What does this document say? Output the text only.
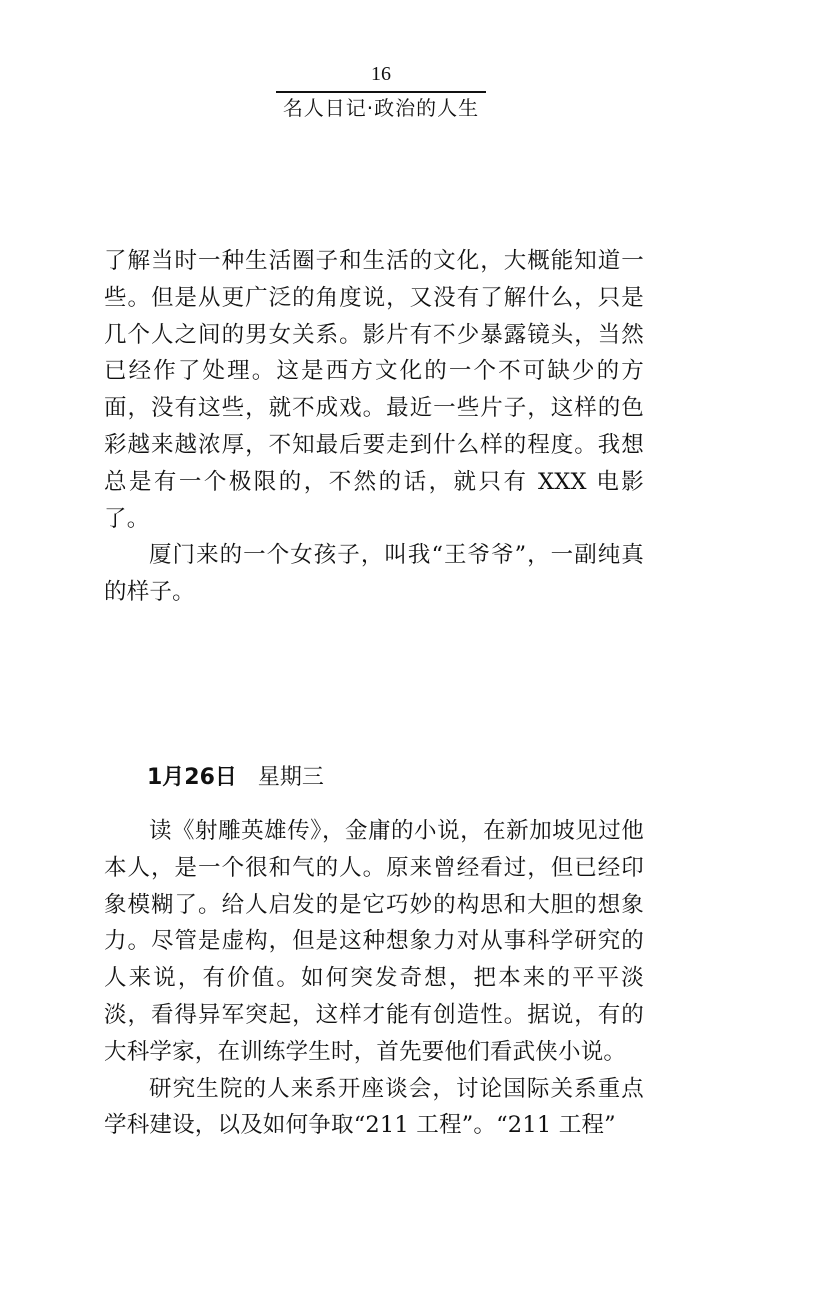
16
名人日记·政治的人生

了解当时一种生活圈子和生活的文化，大概能知道一些。但是从更广泛的角度说，又没有了解什么，只是几个人之间的男女关系。影片有不少暴露镜头，当然已经作了处理。这是西方文化的一个不可缺少的方面，没有这些，就不成戏。最近一些片子，这样的色彩越来越浓厚，不知最后要走到什么样的程度。我想总是有一个极限的，不然的话，就只有 XXX 电影了。

厦门来的一个女孩子，叫我“王爷爷”，一副纯真的样子。

1月26日 星期三

读《射雕英雄传》，金庸的小说，在新加坡见过他本人，是一个很和气的人。原来曾经看过，但已经印象模糊了。给人启发的是它巧妙的构思和大胆的想象力。尽管是虚构，但是这种想象力对从事科学研究的人来说，有价值。如何突发奇想，把本来的平平淡淡，看得异军突起，这样才能有创造性。据说，有的大科学家，在训练学生时，首先要他们看武侠小说。

研究生院的人来系开座谈会，讨论国际关系重点学科建设，以及如何争取“211 工程”。“211 工程”
